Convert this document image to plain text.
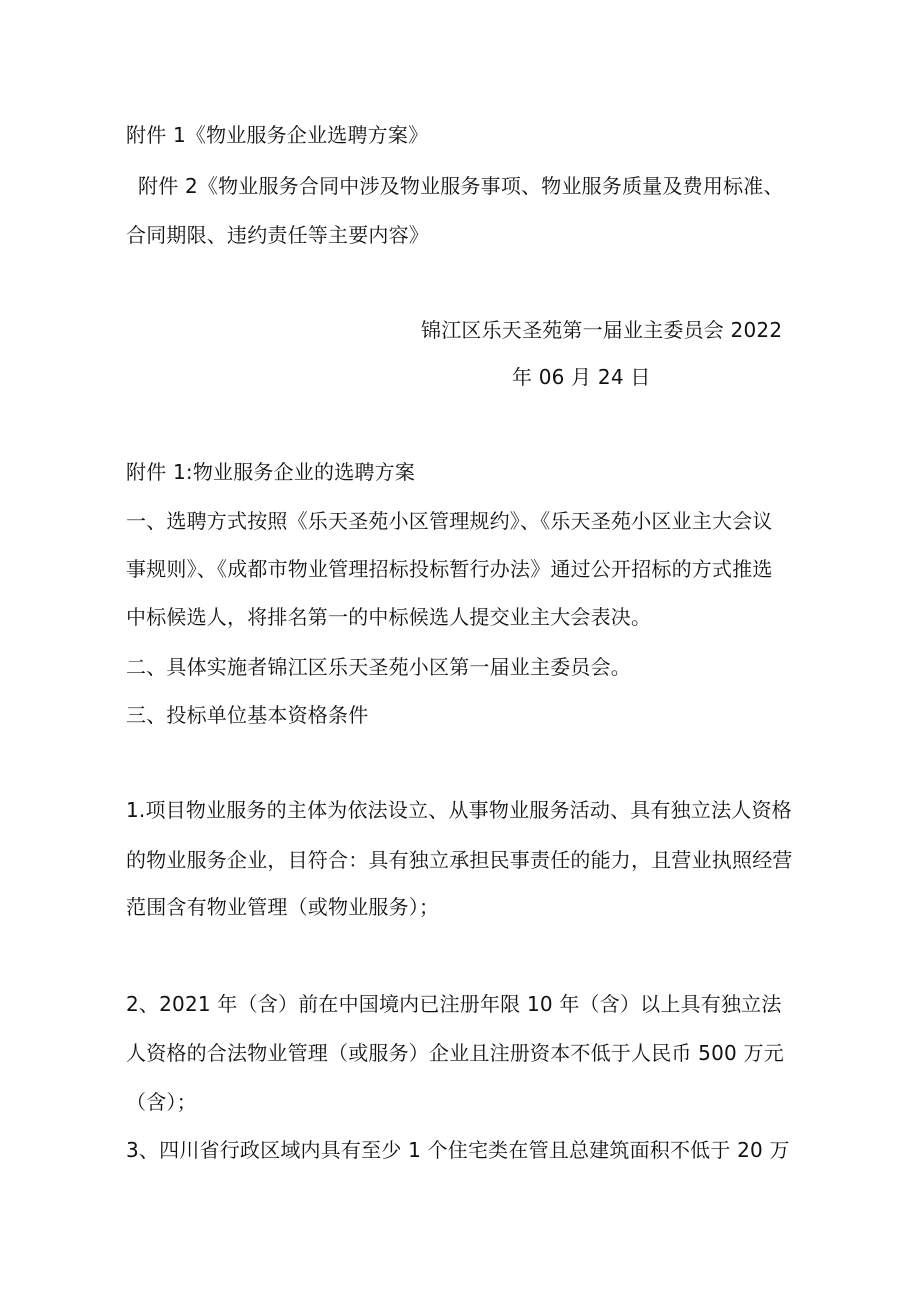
附件 1《物业服务企业选聘方案》
附件 2《物业服务合同中涉及物业服务事项、物业服务质量及费用标准、
合同期限、违约责任等主要内容》
锦江区乐天圣苑第一届业主委员会 2022
年 06 月 24 日
附件 1:物业服务企业的选聘方案
一、选聘方式按照《乐天圣苑小区管理规约》、《乐天圣苑小区业主大会议
事规则》、《成都市物业管理招标投标暂行办法》通过公开招标的方式推选
中标候选人，将排名第一的中标候选人提交业主大会表决。
二、具体实施者锦江区乐天圣苑小区第一届业主委员会。
三、投标单位基本资格条件
1.项目物业服务的主体为依法设立、从事物业服务活动、具有独立法人资格
的物业服务企业，目符合：具有独立承担民事责任的能力，且营业执照经营
范围含有物业管理（或物业服务）；
2、2021 年（含）前在中国境内已注册年限 10 年（含）以上具有独立法
人资格的合法物业管理（或服务）企业且注册资本不低于人民币 500 万元
（含）；
3、四川省行政区域内具有至少 1 个住宅类在管且总建筑面积不低于 20 万
